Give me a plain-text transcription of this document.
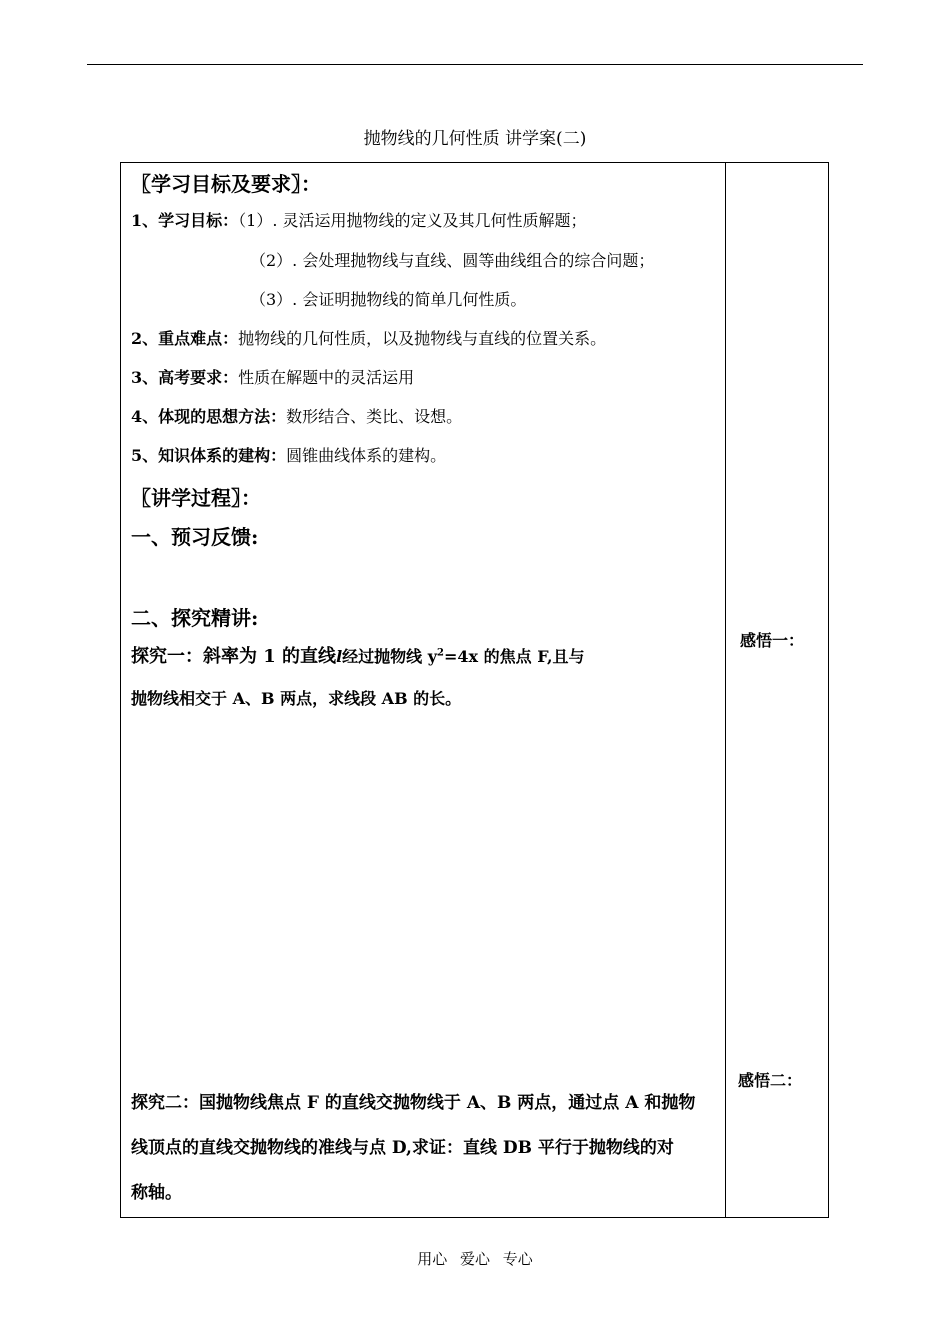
抛物线的几何性质 讲学案(二)
〖学习目标及要求〗：
1、学习目标：（1）. 灵活运用抛物线的定义及其几何性质解题；
（2）. 会处理抛物线与直线、圆等曲线组合的综合问题；
（3）. 会证明抛物线的简单几何性质。
2、重点难点：抛物线的几何性质，以及抛物线与直线的位置关系。
3、高考要求：性质在解题中的灵活运用
4、体现的思想方法：数形结合、类比、设想。
5、知识体系的建构：圆锥曲线体系的建构。
〖讲学过程〗：
一、预习反馈:
二、探究精讲:
探究一：斜率为 1 的直线l经过抛物线 $y^2=4x$ 的焦点 F,且与
抛物线相交于 A、B 两点，求线段 AB 的长。
感悟一：
感悟二：
探究二：国抛物线焦点 F 的直线交抛物线于 A、B 两点，通过点 A 和抛物
线顶点的直线交抛物线的准线与点 D,求证：直线 DB 平行于抛物线的对
称轴。
用心 爱心 专心
